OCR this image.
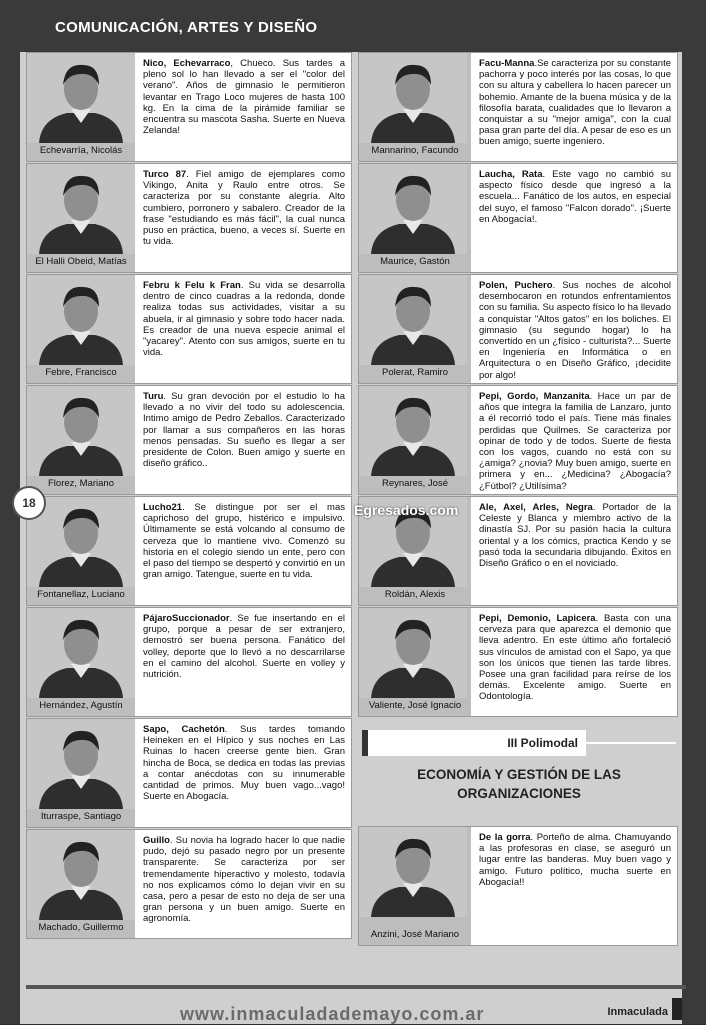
COMUNICACIÓN, ARTES Y DISEÑO
Echevarría, Nicolás
Nico, Echevarraco, Chueco. Sus tardes a pleno sol lo han llevado a ser el "color del verano". Años de gimnasio le permitieron levantar en Trago Loco mujeres de hasta 100 kg. En la cima de la pirámide familiar se encuentra su mascota Sasha. Suerte en Nueva Zelanda!
El Halli Obeid, Matías
Turco 87. Fiel amigo de ejemplares como Vikingo, Anita y Raulo entre otros. Se caracteriza por su constante alegría. Alto cumbiero, porronero y sabalero. Creador de la frase "estudiando es más fácil", la cual nunca puso en práctica, bueno, a veces sí. Suerte en tu vida.
Febre, Francisco
Febru k Felu k Fran. Su vida se desarrolla dentro de cinco cuadras a la redonda, donde realiza todas sus actividades, visitar a su abuela, ir al gimnasio y sobre todo hacer nada. Es creador de una nueva especie animal el "yacarey". Atento con sus amigos, suerte en tu vida.
Florez, Mariano
Turu. Su gran devoción por el estudio lo ha llevado a no vivir del todo su adolescencia. Intimo amigo de Pedro Zeballos. Caracterizado por llamar a sus compañeros en las horas menos pensadas. Su sueño es llegar a ser presidente de Colon. Buen amigo y suerte en diseño gráfico..
Fontanellaz, Luciano
Lucho21. Se distingue por ser el mas caprichoso del grupo, histérico e impulsivo. Últimamente se está volcando al consumo de cerveza que lo mantiene vivo. Comenzó su historia en el colegio siendo un ente, pero con el paso del tiempo se despertó y convirtió en un gran amigo. Tatengue, suerte en tu vida.
Hernández, Agustín
PájaroSuccionador. Se fue insertando en el grupo, porque a pesar de ser extranjero, demostró ser buena persona. Fanático del volley, deporte que lo llevó a no descarrilarse en el camino del alcohol. Suerte en volley y nutrición.
Iturraspe, Santiago
Sapo, Cachetón. Sus tardes tomando Heineken en el Hípico y sus noches en Las Ruinas lo hacen creerse gente bien. Gran hincha de Boca, se dedica en todas las previas a contar anécdotas con su innumerable cantidad de primos. Muy buen vago...vago! Suerte en Abogacía.
Machado, Guillermo
Guillo. Su novia ha logrado hacer lo que nadie pudo, dejó su pasado negro por un presente transparente. Se caracteriza por ser tremendamente hiperactivo y molesto, todavía no nos explicamos cómo lo dejan vivir en su casa, pero a pesar de esto no deja de ser una gran persona y un buen amigo. Suerte en agronomía.
Mannarino, Facundo
Facu-Manna.Se caracteriza por su constante pachorra y poco interés por las cosas, lo que con su altura y cabellera lo hacen parecer un bohemio. Amante de la buena música y de la filosofía barata, cualidades que lo llevaron a conquistar a su "mejor amiga", con la cual pasa gran parte del día. A pesar de eso es un buen amigo, suerte ingeniero.
Maurice, Gastón
Laucha, Rata. Este vago no cambió su aspecto físico desde que ingresó a la escuela... Fanático de los autos, en especial del suyo, el famoso "Falcon dorado". ¡Suerte en Abogacía!.
Polerat, Ramiro
Polen, Puchero. Sus noches de alcohol desembocaron en rotundos enfrentamientos con su familia. Su aspecto físico lo ha llevado a conquistar "Altos gatos" en los boliches. El gimnasio (su segundo hogar) lo ha convertido en un ¿físico - culturista?... Suerte en Ingeniería en Informática o en Arquitectura o en Diseño Gráfico, ¡decidite por algo!
Reynares, José
Pepi, Gordo, Manzanita. Hace un par de años que integra la familia de Lanzaro, junto a él recorrió todo el país. Tiene más finales perdidas que Quilmes. Se caracteriza por opinar de todo y de todos. Suerte de fiesta con los vagos, cuando no está con su ¿amiga? ¿novia? Muy buen amigo, suerte en primera y en... ¿Medicina? ¿Abogacía? ¿Fútbol? ¿Utilísima?
Roldán, Alexis
Ale, Axel, Arles, Negra. Portador de la Celeste y Blanca y miembro activo de la dinastía SJ. Por su pasión hacia la cultura oriental y a los cómics, practica Kendo y se pasó toda la secundaria dibujando. Éxitos en Diseño Gráfico o en el noviciado.
Valiente, José Ignacio
Pepi, Demonio, Lapicera. Basta con una cerveza para que aparezca el demonio que lleva adentro. En este último año fortaleció sus vínculos de amistad con el Sapo, ya que son los únicos que tienen las tarde libres. Posee una gran facilidad para reírse de los demás. Excelente amigo. Suerte en Odontología.
18	Egresados.com
III Polimodal
ECONOMÍA Y GESTIÓN DE LAS ORGANIZACIONES
Anzini, José Mariano
De la gorra. Porteño de alma. Chamuyando a las profesoras en clase, se aseguró un lugar entre las banderas. Muy buen vago y amigo. Futuro político, mucha suerte en Abogacía!!
www.inmaculadademayo.com.ar	Inmaculada
